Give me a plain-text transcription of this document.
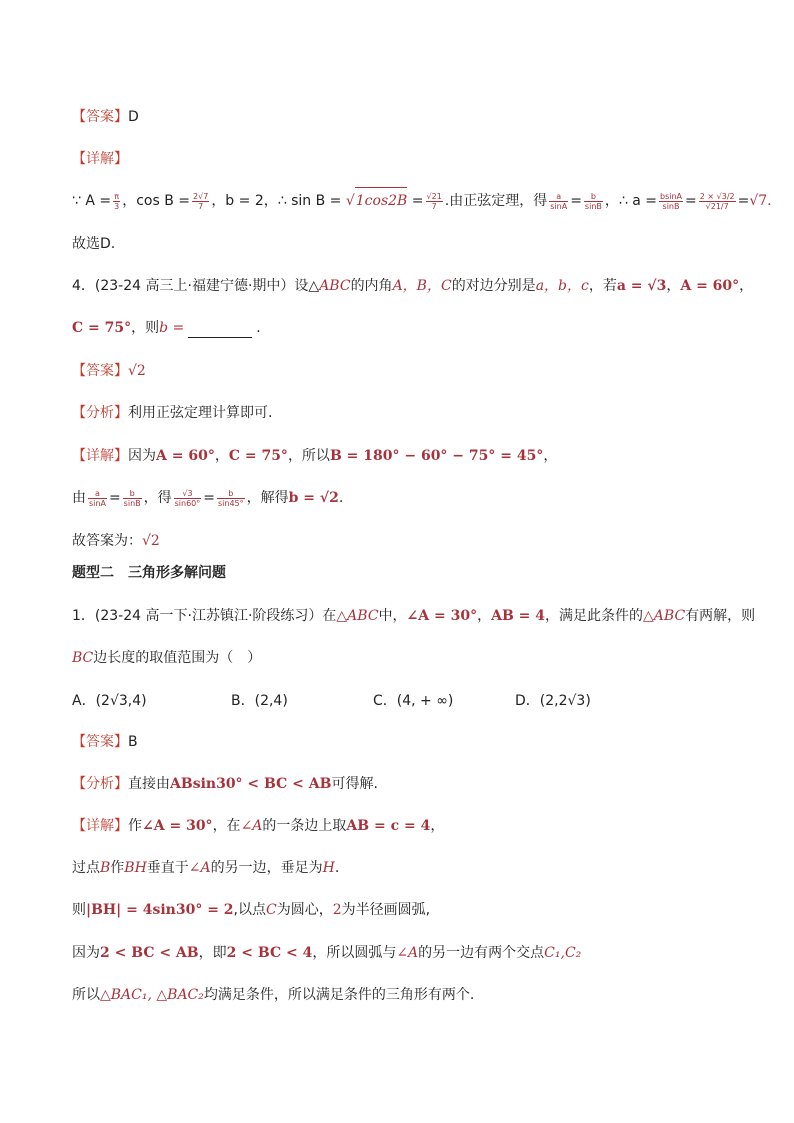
【答案】D
【详解】
∵ $A = \frac{\pi}{3}$ ，$\cos B = \frac{2√7}{7}$ ，b = 2，∴ $\sin B = √1\cos 2B = \frac{√21}{7}$ .由正弦定理，得 $\frac{a}{\sin A} = \frac{b}{\sin B}$ ，∴ $a = \frac{bsinA}{\sin B} = \frac{2 \times √3/2}{√21/7} =√7$.
故选D.
4．(23-24 高三上·福建宁德·期中）设△ABC的内角A，B，C的对边分别是a，b，c，若a = √3，A = 60°，
C = 75°，则b =	.
【答案】√2
【分析】利用正弦定理计算即可.
【详解】因为A = 60°，C = 75°，所以B = 180° − 60° − 75° = 45°，
由 $\frac{a}{\sin A} = \frac{b}{\sin B}$ ，得 $\frac{√3}{\sin 60^\circ} = \frac{b}{\sin 45^\circ}$ ，解得b = √2.
故答案为：√2
题型二　三角形多解问题
1．(23-24 高一下·江苏镇江·阶段练习）在△ABC中，∠A = 30°，AB = 4，满足此条件的△ABC有两解，则
BC边长度的取值范围为（　）
A．(2√3,4)	B．(2,4)	C．(4, + ∞)	D．(2,2√3)
【答案】B
【分析】直接由ABsin30° < BC < AB可得解.
【详解】作∠A = 30°，在∠A的一条边上取AB = c = 4，
过点B作BH垂直于∠A的另一边，垂足为H.
则|BH| = 4sin30° = 2,以点C为圆心，2为半径画圆弧,
因为2 < BC < AB，即2 < BC < 4，所以圆弧与∠A的另一边有两个交点C₁,C₂
所以△BAC₁, △BAC₂均满足条件，所以满足条件的三角形有两个.
